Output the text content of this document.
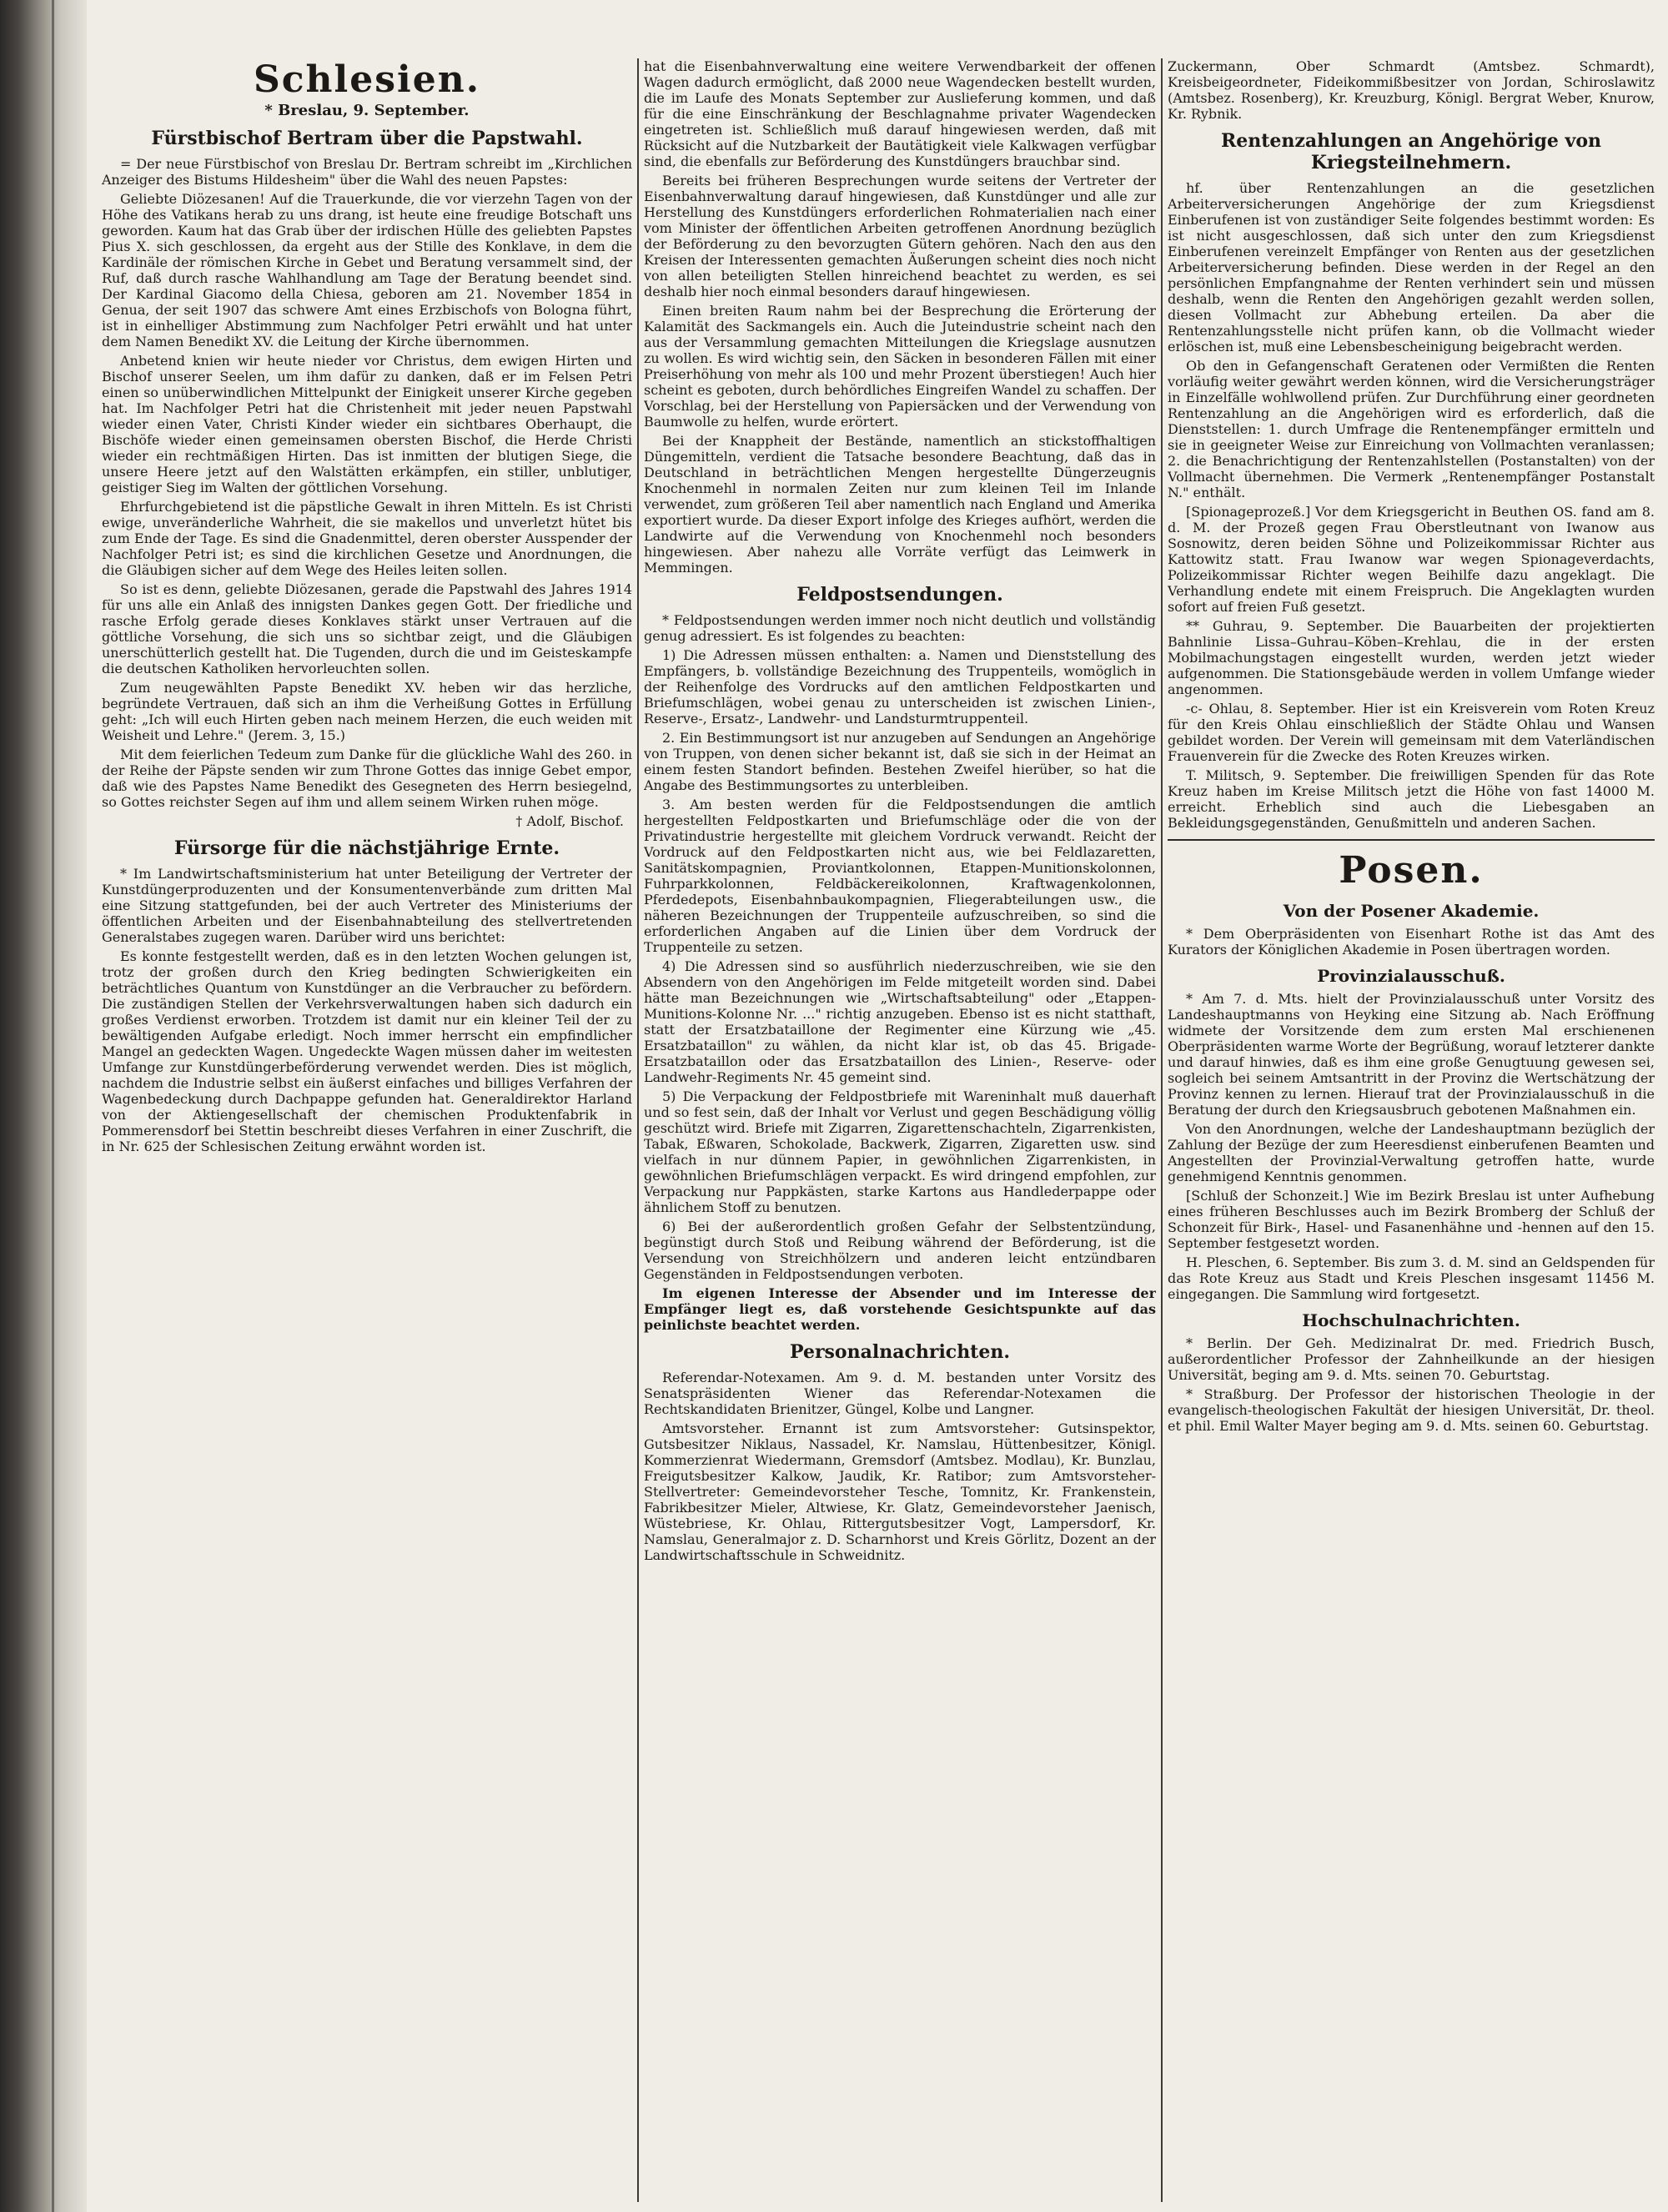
Schlesien.
* Breslau, 9. September.
Fürstbischof Bertram über die Papstwahl.

= Der neue Fürstbischof von Breslau Dr. Bertram schreibt im „Kirchlichen Anzeiger des Bistums Hildesheim" über die Wahl des neuen Papstes:

Geliebte Diözesanen! Auf die Trauerkunde, die vor vierzehn Tagen von der Höhe des Vatikans herab zu uns drang, ist heute eine freudige Botschaft uns geworden. Kaum hat das Grab über der irdischen Hülle des geliebten Papstes Pius X. sich geschlossen, da ergeht aus der Stille des Konklave, in dem die Kardinäle der römischen Kirche in Gebet und Beratung versammelt sind, der Ruf, daß durch rasche Wahlhandlung am Tage der Beratung beendet sind. Der Kardinal Giacomo della Chiesa, geboren am 21. November 1854 in Genua, der seit 1907 das schwere Amt eines Erzbischofs von Bologna führt, ist in einhelliger Abstimmung zum Nachfolger Petri erwählt und hat unter dem Namen Benedikt XV. die Leitung der Kirche übernommen.

Anbetend knien wir heute nieder vor Christus, dem ewigen Hirten und Bischof unserer Seelen, um ihm dafür zu danken, daß er im Felsen Petri einen so unüberwindlichen Mittelpunkt der Einigkeit unserer Kirche gegeben hat. Im Nachfolger Petri hat die Christenheit mit jeder neuen Papstwahl wieder einen Vater, Christi Kinder wieder ein sichtbares Oberhaupt, die Bischöfe wieder einen gemeinsamen obersten Bischof, die Herde Christi wieder ein rechtmäßigen Hirten. Das ist inmitten der blutigen Siege, die unsere Heere jetzt auf den Walstätten erkämpfen, ein stiller, unblutiger, geistiger Sieg im Walten der göttlichen Vorsehung.

Ehrfurchgebietend ist die päpstliche Gewalt in ihren Mitteln. Es ist Christi ewige, unveränderliche Wahrheit, die sie makellos und unverletzt hütet bis zum Ende der Tage. Es sind die Gnadenmittel, deren oberster Ausspender der Nachfolger Petri ist; es sind die kirchlichen Gesetze und Anordnungen, die die Gläubigen sicher auf dem Wege des Heiles leiten sollen.

So ist es denn, geliebte Diözesanen, gerade die Papstwahl des Jahres 1914 für uns alle ein Anlaß des innigsten Dankes gegen Gott. Der friedliche und rasche Erfolg gerade dieses Konklaves stärkt unser Vertrauen auf die göttliche Vorsehung, die sich uns so sichtbar zeigt, und die Gläubigen unerschütterlich gestellt hat. Die Tugenden, durch die und im Geisteskampfe die deutschen Katholiken hervorleuchten sollen.

Zum neugewählten Papste Benedikt XV. heben wir das herzliche, begründete Vertrauen, daß sich an ihm die Verheißung Gottes in Erfüllung geht: „Ich will euch Hirten geben nach meinem Herzen, die euch weiden mit Weisheit und Lehre." (Jerem. 3, 15.)

Mit dem feierlichen Tedeum zum Danke für die glückliche Wahl des 260. in der Reihe der Päpste senden wir zum Throne Gottes das innige Gebet empor, daß wie des Papstes Name Benedikt des Gesegneten des Herrn besiegelnd, so Gottes reichster Segen auf ihm und allem seinem Wirken ruhen möge.

† Adolf, Bischof.
Fürsorge für die nächstjährige Ernte.

* Im Landwirtschaftsministerium hat unter Beteiligung der Vertreter der Kunstdüngerproduzenten und der Konsumentenverbände zum dritten Mal eine Sitzung stattgefunden, bei der auch Vertreter des Ministeriums der öffentlichen Arbeiten und der Eisenbahnabteilung des stellvertretenden Generalstabes zugegen waren. Darüber wird uns berichtet:

Es konnte festgestellt werden, daß es in den letzten Wochen gelungen ist, trotz der großen durch den Krieg bedingten Schwierigkeiten ein beträchtliches Quantum von Kunstdünger an die Verbraucher zu befördern. Die zuständigen Stellen der Verkehrsverwaltungen haben sich dadurch ein großes Verdienst erworben. Trotzdem ist damit nur ein kleiner Teil der zu bewältigenden Aufgabe erledigt. Noch immer herrscht ein empfindlicher Mangel an gedeckten Wagen. Ungedeckte Wagen müssen daher im weitesten Umfange zur Kunstdüngerbeförderung verwendet werden. Dies ist möglich, nachdem die Industrie selbst ein äußerst einfaches und billiges Verfahren der Wagenbedeckung durch Dachpappe gefunden hat. Generaldirektor Harland von der Aktiengesellschaft der chemischen Produktenfabrik in Pommerensdorf bei Stettin beschreibt dieses Verfahren in einer Zuschrift, die in Nr. 625 der Schlesischen Zeitung erwähnt worden ist.

hat die Eisenbahnverwaltung eine weitere Verwendbarkeit der offenen Wagen dadurch ermöglicht, daß 2000 neue Wagendecken bestellt wurden, die im Laufe des Monats September zur Auslieferung kommen, und daß für die eine Einschränkung der Beschlagnahme privater Wagendecken eingetreten ist. Schließlich muß darauf hingewiesen werden, daß mit Rücksicht auf die Nutzbarkeit der Bautätigkeit viele Kalkwagen verfügbar sind, die ebenfalls zur Beförderung des Kunstdüngers brauchbar sind.

Bereits bei früheren Besprechungen wurde seitens der Vertreter der Eisenbahnverwaltung darauf hingewiesen, daß Kunstdünger und alle zur Herstellung des Kunstdüngers erforderlichen Rohmaterialien nach einer vom Minister der öffentlichen Arbeiten getroffenen Anordnung bezüglich der Beförderung zu den bevorzugten Gütern gehören. Nach den aus den Kreisen der Interessenten gemachten Äußerungen scheint dies noch nicht von allen beteiligten Stellen hinreichend beachtet zu werden, es sei deshalb hier noch einmal besonders darauf hingewiesen.

Einen breiten Raum nahm bei der Besprechung die Erörterung der Kalamität des Sackmangels ein. Auch die Juteindustrie scheint nach den aus der Versammlung gemachten Mitteilungen die Kriegslage ausnutzen zu wollen. Es wird wichtig sein, den Säcken in besonderen Fällen mit einer Preiserhöhung von mehr als 100 und mehr Prozent überstiegen! Auch hier scheint es geboten, durch behördliches Eingreifen Wandel zu schaffen. Der Vorschlag, bei der Herstellung von Papiersäcken und der Verwendung von Baumwolle zu helfen, wurde erörtert.

Bei der Knappheit der Bestände, namentlich an stickstoffhaltigen Düngemitteln, verdient die Tatsache besondere Beachtung, daß das in Deutschland in beträchtlichen Mengen hergestellte Düngerzeugnis Knochenmehl in normalen Zeiten nur zum kleinen Teil im Inlande verwendet, zum größeren Teil aber namentlich nach England und Amerika exportiert wurde. Da dieser Export infolge des Krieges aufhört, werden die Landwirte auf die Verwendung von Knochenmehl noch besonders hingewiesen. Aber nahezu alle Vorräte verfügt das Leimwerk in Memmingen.

Feldpostsendungen.

* Feldpostsendungen werden immer noch nicht deutlich und vollständig genug adressiert. Es ist folgendes zu beachten:

1) Die Adressen müssen enthalten: a. Namen und Dienststellung des Empfängers, b. vollständige Bezeichnung des Truppenteils, womöglich in der Reihenfolge des Vordrucks auf den amtlichen Feldpostkarten und Briefumschlägen, wobei genau zu unterscheiden ist zwischen Linien-, Reserve-, Ersatz-, Landwehr- und Landsturmtruppenteil.

2. Ein Bestimmungsort ist nur anzugeben auf Sendungen an Angehörige von Truppen, von denen sicher bekannt ist, daß sie sich in der Heimat an einem festen Standort befinden. Bestehen Zweifel hierüber, so hat die Angabe des Bestimmungsortes zu unterbleiben.

3. Am besten werden für die Feldpostsendungen die amtlich hergestellten Feldpostkarten und Briefumschläge oder die von der Privatindustrie hergestellte mit gleichem Vordruck verwandt. Reicht der Vordruck auf den Feldpostkarten nicht aus, wie bei Feldlazaretten, Sanitätskompagnien, Proviantkolonnen, Etappen-Munitionskolonnen, Fuhrparkkolonnen, Feldbäckereikolonnen, Kraftwagenkolonnen, Pferdedepots, Eisenbahnbaukompagnien, Fliegerabteilungen usw., die näheren Bezeichnungen der Truppenteile aufzuschreiben, so sind die erforderlichen Angaben auf die Linien über dem Vordruck der Truppenteile zu setzen.

4) Die Adressen sind so ausführlich niederzuschreiben, wie sie den Absendern von den Angehörigen im Felde mitgeteilt worden sind. Dabei hätte man Bezeichnungen wie „Wirtschaftsabteilung" oder „Etappen-Munitions-Kolonne Nr. ..." richtig anzugeben. Ebenso ist es nicht statthaft, statt der Ersatzbataillone der Regimenter eine Kürzung wie „45. Ersatzbataillon" zu wählen, da nicht klar ist, ob das 45. Brigade-Ersatzbataillon oder das Ersatzbataillon des Linien-, Reserve- oder Landwehr-Regiments Nr. 45 gemeint sind.

5) Die Verpackung der Feldpostbriefe mit Wareninhalt muß dauerhaft und so fest sein, daß der Inhalt vor Verlust und gegen Beschädigung völlig geschützt wird. Briefe mit Zigarren, Zigarettenschachteln, Zigarrenkisten, Tabak, Eßwaren, Schokolade, Backwerk, Zigarren, Zigaretten usw. sind vielfach in nur dünnem Papier, in gewöhnlichen Zigarrenkisten, in gewöhnlichen Briefumschlägen verpackt. Es wird dringend empfohlen, zur Verpackung nur Pappkästen, starke Kartons aus Handlederpappe oder ähnlichem Stoff zu benutzen.

6) Bei der außerordentlich großen Gefahr der Selbstentzündung, begünstigt durch Stoß und Reibung während der Beförderung, ist die Versendung von Streichhölzern und anderen leicht entzündbaren Gegenständen in Feldpostsendungen verboten.

Im eigenen Interesse der Absender und im Interesse der Empfänger liegt es, daß vorstehende Gesichtspunkte auf das peinlichste beachtet werden.

Personalnachrichten.

Referendar-Notexamen. Am 9. d. M. bestanden unter Vorsitz des Senatspräsidenten Wiener das Referendar-Notexamen die Rechtskandidaten Brienitzer, Güngel, Kolbe und Langner.

Amtsvorsteher. Ernannt ist zum Amtsvorsteher: Gutsinspektor, Gutsbesitzer Niklaus, Nassadel, Kr. Namslau, Hüttenbesitzer, Königl. Kommerzienrat Wiedermann, Gremsdorf (Amtsbez. Modlau), Kr. Bunzlau, Freigutsbesitzer Kalkow, Jaudik, Kr. Ratibor; zum Amtsvorsteher-Stellvertreter: Gemeindevorsteher Tesche, Tomnitz, Kr. Frankenstein, Fabrikbesitzer Mieler, Altwiese, Kr. Glatz, Gemeindevorsteher Jaenisch, Wüstebriese, Kr. Ohlau, Rittergutsbesitzer Vogt, Lampersdorf, Kr. Namslau, Generalmajor z. D. Scharnhorst und Kreis Görlitz, Dozent an der Landwirtschaftsschule in Schweidnitz.

Zuckermann, Ober Schmardt (Amtsbez. Schmardt), Kreisbeigeordneter, Fideikommißbesitzer von Jordan, Schiroslawitz (Amtsbez. Rosenberg), Kr. Kreuzburg, Königl. Bergrat Weber, Knurow, Kr. Rybnik.

Rentenzahlungen an Angehörige von Kriegsteilnehmern.

hf. über Rentenzahlungen an die gesetzlichen Arbeiterversicherungen Angehörige der zum Kriegsdienst Einberufenen ist von zuständiger Seite folgendes bestimmt worden: Es ist nicht ausgeschlossen, daß sich unter den zum Kriegsdienst Einberufenen vereinzelt Empfänger von Renten aus der gesetzlichen Arbeiterversicherung befinden. Diese werden in der Regel an den persönlichen Empfangnahme der Renten verhindert sein und müssen deshalb, wenn die Renten den Angehörigen gezahlt werden sollen, diesen Vollmacht zur Abhebung erteilen. Da aber die Rentenzahlungsstelle nicht prüfen kann, ob die Vollmacht wieder erlöschen ist, muß eine Lebensbescheinigung beigebracht werden.

Ob den in Gefangenschaft Geratenen oder Vermißten die Renten vorläufig weiter gewährt werden können, wird die Versicherungsträger in Einzelfälle wohlwollend prüfen. Zur Durchführung einer geordneten Rentenzahlung an die Angehörigen wird es erforderlich, daß die Dienststellen: 1. durch Umfrage die Rentenempfänger ermitteln und sie in geeigneter Weise zur Einreichung von Vollmachten veranlassen; 2. die Benachrichtigung der Rentenzahlstellen (Postanstalten) von der Vollmacht übernehmen. Die Vermerk „Rentenempfänger Postanstalt N." enthält.

[Spionageprozeß.] Vor dem Kriegsgericht in Beuthen OS. fand am 8. d. M. der Prozeß gegen Frau Oberstleutnant von Iwanow aus Sosnowitz, deren beiden Söhne und Polizeikommissar Richter aus Kattowitz statt. Frau Iwanow war wegen Spionageverdachts, Polizeikommissar Richter wegen Beihilfe dazu angeklagt. Die Verhandlung endete mit einem Freispruch. Die Angeklagten wurden sofort auf freien Fuß gesetzt.

** Guhrau, 9. September. Die Bauarbeiten der projektierten Bahnlinie Lissa–Guhrau–Köben–Krehlau, die in der ersten Mobilmachungstagen eingestellt wurden, werden jetzt wieder aufgenommen. Die Stationsgebäude werden in vollem Umfange wieder angenommen.

-c- Ohlau, 8. September. Hier ist ein Kreisverein vom Roten Kreuz für den Kreis Ohlau einschließlich der Städte Ohlau und Wansen gebildet worden. Der Verein will gemeinsam mit dem Vaterländischen Frauenverein für die Zwecke des Roten Kreuzes wirken.

T. Militsch, 9. September. Die freiwilligen Spenden für das Rote Kreuz haben im Kreise Militsch jetzt die Höhe von fast 14000 M. erreicht. Erheblich sind auch die Liebesgaben an Bekleidungsgegenständen, Genußmitteln und anderen Sachen.

Posen.
Von der Posener Akademie.

* Dem Oberpräsidenten von Eisenhart Rothe ist das Amt des Kurators der Königlichen Akademie in Posen übertragen worden.

Provinzialausschuß.

* Am 7. d. Mts. hielt der Provinzialausschuß unter Vorsitz des Landeshauptmanns von Heyking eine Sitzung ab. Nach Eröffnung widmete der Vorsitzende dem zum ersten Mal erschienenen Oberpräsidenten warme Worte der Begrüßung, worauf letzterer dankte und darauf hinwies, daß es ihm eine große Genugtuung gewesen sei, sogleich bei seinem Amtsantritt in der Provinz die Wertschätzung der Provinz kennen zu lernen. Hierauf trat der Provinzialausschuß in die Beratung der durch den Kriegsausbruch gebotenen Maßnahmen ein.

Von den Anordnungen, welche der Landeshauptmann bezüglich der Zahlung der Bezüge der zum Heeresdienst einberufenen Beamten und Angestellten der Provinzial-Verwaltung getroffen hatte, wurde genehmigend Kenntnis genommen.

[Schluß der Schonzeit.] Wie im Bezirk Breslau ist unter Aufhebung eines früheren Beschlusses auch im Bezirk Bromberg der Schluß der Schonzeit für Birk-, Hasel- und Fasanenhähne und -hennen auf den 15. September festgesetzt worden.

H. Pleschen, 6. September. Bis zum 3. d. M. sind an Geldspenden für das Rote Kreuz aus Stadt und Kreis Pleschen insgesamt 11456 M. eingegangen. Die Sammlung wird fortgesetzt.

Hochschulnachrichten.

* Berlin. Der Geh. Medizinalrat Dr. med. Friedrich Busch, außerordentlicher Professor der Zahnheilkunde an der hiesigen Universität, beging am 9. d. Mts. seinen 70. Geburtstag.

* Straßburg. Der Professor der historischen Theologie in der evangelisch-theologischen Fakultät der hiesigen Universität, Dr. theol. et phil. Emil Walter Mayer beging am 9. d. Mts. seinen 60. Geburtstag.
